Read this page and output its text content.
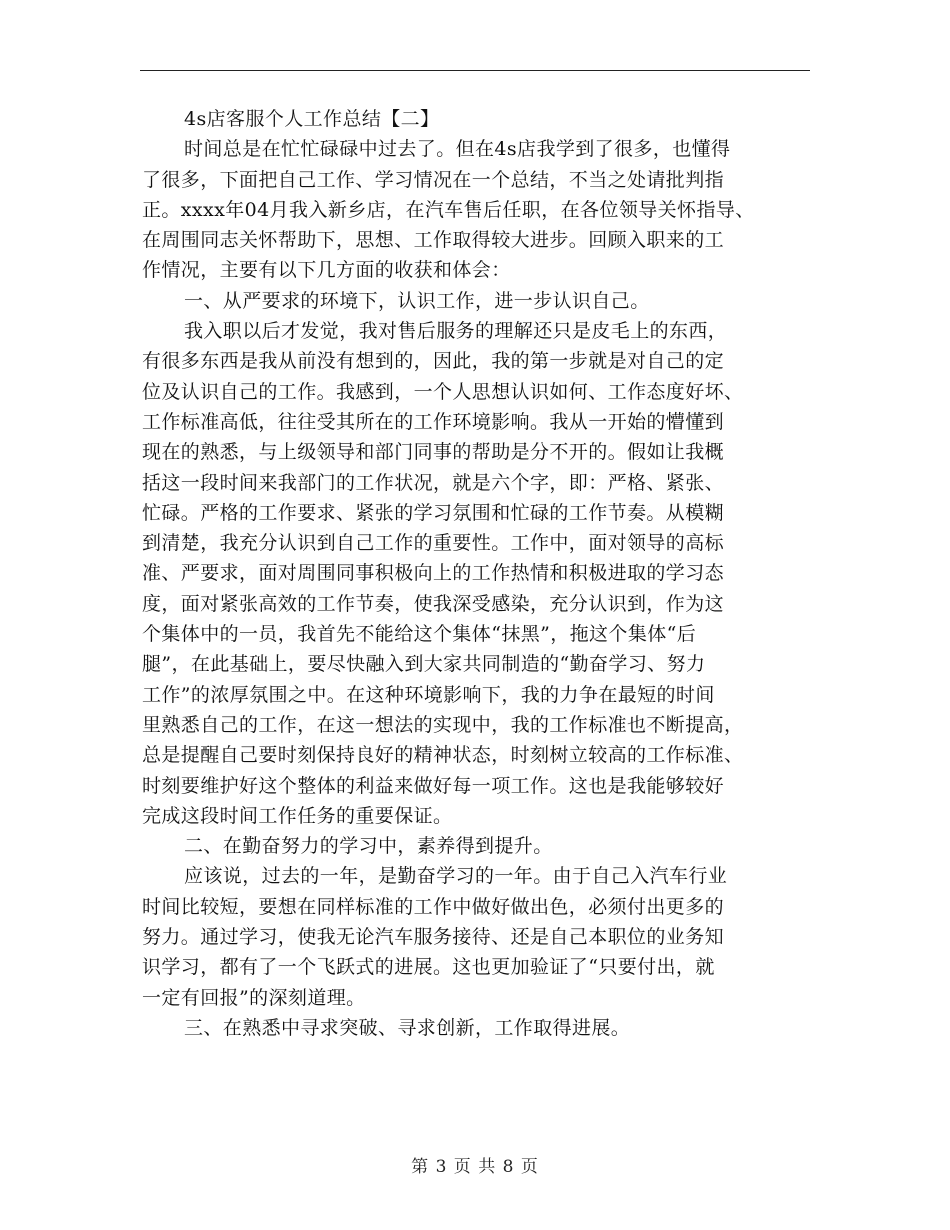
4s店客服个人工作总结【二】
时间总是在忙忙碌碌中过去了。但在4s店我学到了很多，也懂得
了很多，下面把自己工作、学习情况在一个总结，不当之处请批判指
正。xxxx年04月我入新乡店，在汽车售后任职，在各位领导关怀指导、
在周围同志关怀帮助下，思想、工作取得较大进步。回顾入职来的工
作情况，主要有以下几方面的收获和体会：
一、从严要求的环境下，认识工作，进一步认识自己。
我入职以后才发觉，我对售后服务的理解还只是皮毛上的东西，
有很多东西是我从前没有想到的，因此，我的第一步就是对自己的定
位及认识自己的工作。我感到，一个人思想认识如何、工作态度好坏、
工作标准高低，往往受其所在的工作环境影响。我从一开始的懵懂到
现在的熟悉，与上级领导和部门同事的帮助是分不开的。假如让我概
括这一段时间来我部门的工作状况，就是六个字，即：严格、紧张、
忙碌。严格的工作要求、紧张的学习氛围和忙碌的工作节奏。从模糊
到清楚，我充分认识到自己工作的重要性。工作中，面对领导的高标
准、严要求，面对周围同事积极向上的工作热情和积极进取的学习态
度，面对紧张高效的工作节奏，使我深受感染，充分认识到，作为这
个集体中的一员，我首先不能给这个集体“抹黑”，拖这个集体“后
腿”，在此基础上，要尽快融入到大家共同制造的“勤奋学习、努力
工作”的浓厚氛围之中。在这种环境影响下，我的力争在最短的时间
里熟悉自己的工作，在这一想法的实现中，我的工作标准也不断提高，
总是提醒自己要时刻保持良好的精神状态，时刻树立较高的工作标准、
时刻要维护好这个整体的利益来做好每一项工作。这也是我能够较好
完成这段时间工作任务的重要保证。
二、在勤奋努力的学习中，素养得到提升。
应该说，过去的一年，是勤奋学习的一年。由于自己入汽车行业
时间比较短，要想在同样标准的工作中做好做出色，必须付出更多的
努力。通过学习，使我无论汽车服务接待、还是自己本职位的业务知
识学习，都有了一个飞跃式的进展。这也更加验证了“只要付出，就
一定有回报”的深刻道理。
三、在熟悉中寻求突破、寻求创新，工作取得进展。
第 3 页 共 8 页
